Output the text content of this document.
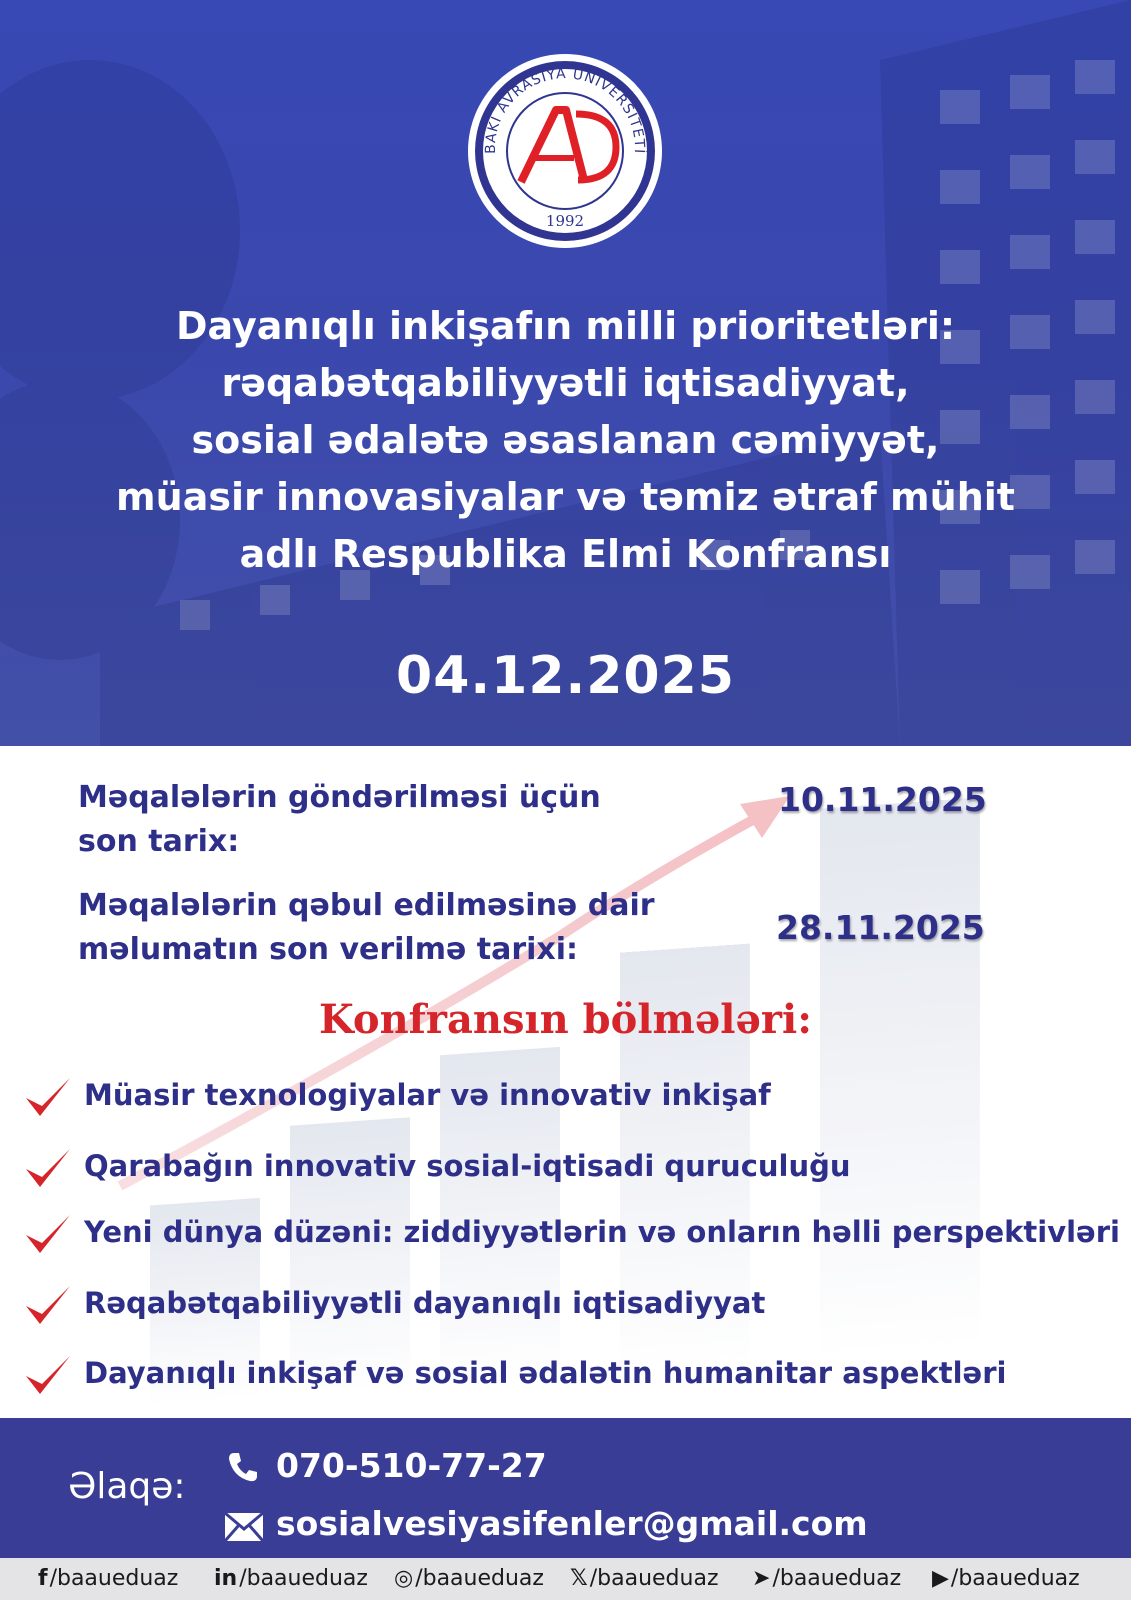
BAKI AVRASİYA UNİVERSİTETİ
1992
Dayanıqlı inkişafın milli prioritetləri:
rəqabətqabiliyyətli iqtisadiyyat,
sosial ədalətə əsaslanan cəmiyyət,
müasir innovasiyalar və təmiz ətraf mühit
adlı Respublika Elmi Konfransı
04.12.2025
Məqalələrin göndərilməsi üçün
son tarix:
10.11.2025
Məqalələrin qəbul edilməsinə dair
məlumatın son verilmə tarixi:
28.11.2025
Konfransın bölmələri:
Müasir texnologiyalar və innovativ inkişaf
Qarabağın innovativ sosial-iqtisadi quruculuğu
Yeni dünya düzəni: ziddiyyətlərin və onların həlli perspektivləri
Rəqabətqabiliyyətli dayanıqlı iqtisadiyyat
Dayanıqlı inkişaf və sosial ədalətin humanitar aspektləri
Əlaqə:
070-510-77-27
sosialvesiyasifenler@gmail.com
f/baaueduaz in/baaueduaz ◎/baaueduaz 𝕏/baaueduaz ➤/baaueduaz ▶/baaueduaz
